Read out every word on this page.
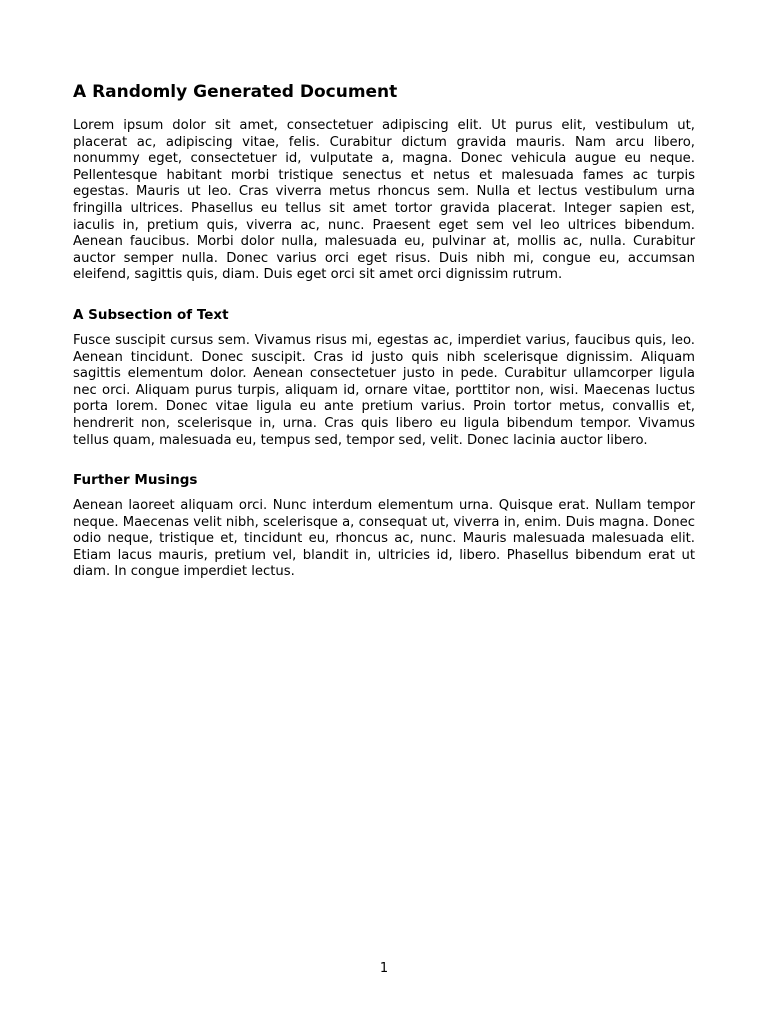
A Randomly Generated Document

Lorem ipsum dolor sit amet, consectetuer adipiscing elit. Ut purus elit, vestibulum ut, placerat ac, adipiscing vitae, felis. Curabitur dictum gravida mauris. Nam arcu libero, nonummy eget, consectetuer id, vulputate a, magna. Donec vehicula augue eu neque. Pellentesque habitant morbi tristique senectus et netus et malesuada fames ac turpis egestas. Mauris ut leo. Cras viverra metus rhoncus sem. Nulla et lectus vestibulum urna fringilla ultrices. Phasellus eu tellus sit amet tortor gravida placerat. Integer sapien est, iaculis in, pretium quis, viverra ac, nunc. Praesent eget sem vel leo ultrices bibendum. Aenean faucibus. Morbi dolor nulla, malesuada eu, pulvinar at, mollis ac, nulla. Curabitur auctor semper nulla. Donec varius orci eget risus. Duis nibh mi, congue eu, accumsan eleifend, sagittis quis, diam. Duis eget orci sit amet orci dignissim rutrum.

A Subsection of Text

Fusce suscipit cursus sem. Vivamus risus mi, egestas ac, imperdiet varius, faucibus quis, leo. Aenean tincidunt. Donec suscipit. Cras id justo quis nibh scelerisque dignissim. Aliquam sagittis elementum dolor. Aenean consectetuer justo in pede. Curabitur ullamcorper ligula nec orci. Aliquam purus turpis, aliquam id, ornare vitae, porttitor non, wisi. Maecenas luctus porta lorem. Donec vitae ligula eu ante pretium varius. Proin tortor metus, convallis et, hendrerit non, scelerisque in, urna. Cras quis libero eu ligula bibendum tempor. Vivamus tellus quam, malesuada eu, tempus sed, tempor sed, velit. Donec lacinia auctor libero.

Further Musings

Aenean laoreet aliquam orci. Nunc interdum elementum urna. Quisque erat. Nullam tempor neque. Maecenas velit nibh, scelerisque a, consequat ut, viverra in, enim. Duis magna. Donec odio neque, tristique et, tincidunt eu, rhoncus ac, nunc. Mauris malesuada malesuada elit. Etiam lacus mauris, pretium vel, blandit in, ultricies id, libero. Phasellus bibendum erat ut diam. In congue imperdiet lectus.

1
